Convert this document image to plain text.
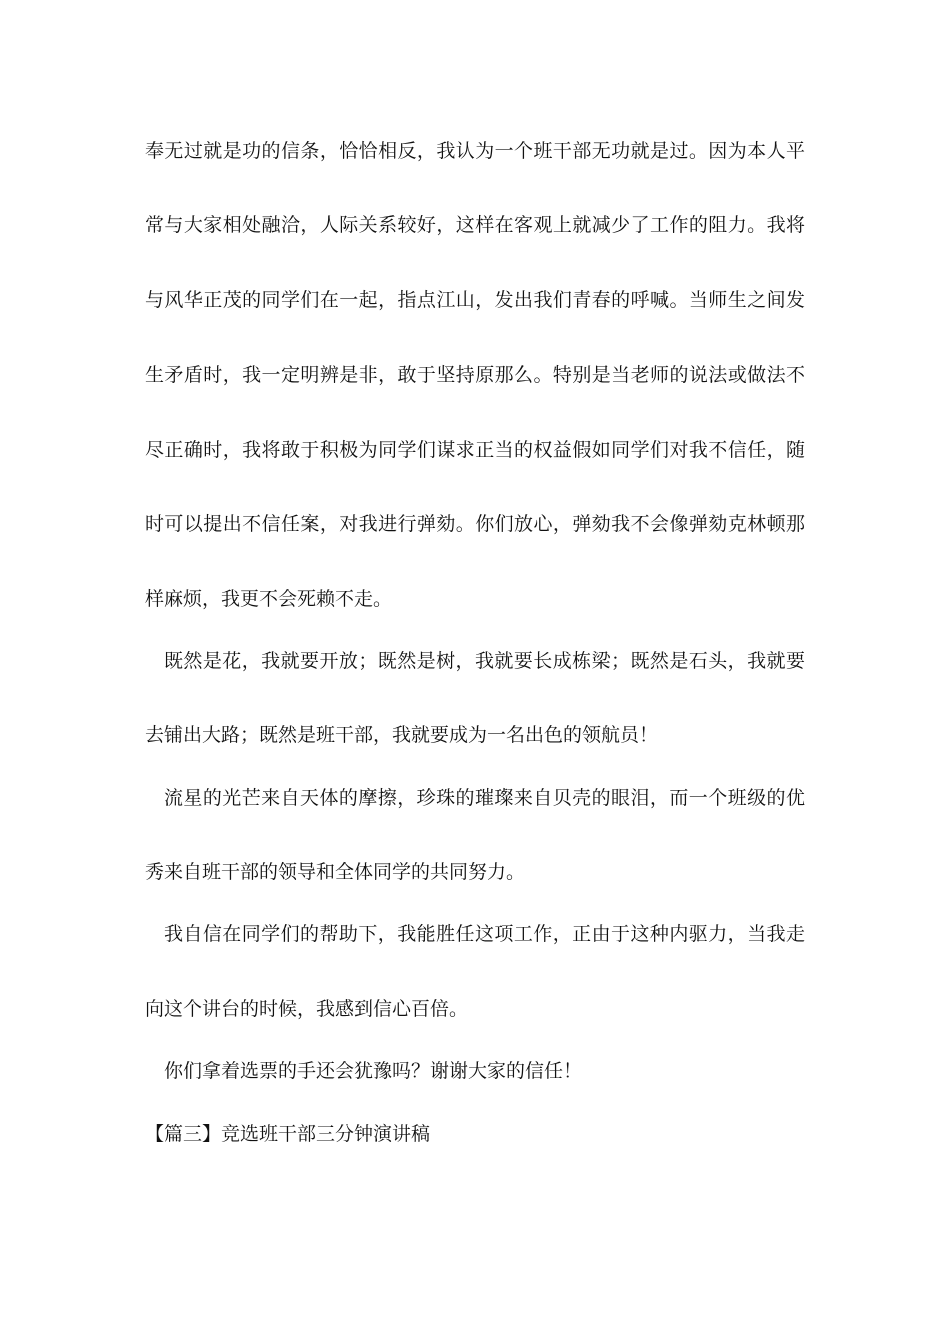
奉无过就是功的信条，恰恰相反，我认为一个班干部无功就是过。因为本人平
常与大家相处融洽，人际关系较好，这样在客观上就减少了工作的阻力。我将
与风华正茂的同学们在一起，指点江山，发出我们青春的呼喊。当师生之间发
生矛盾时，我一定明辨是非，敢于坚持原那么。特别是当老师的说法或做法不
尽正确时，我将敢于积极为同学们谋求正当的权益假如同学们对我不信任，随
时可以提出不信任案，对我进行弹劾。你们放心，弹劾我不会像弹劾克林顿那
样麻烦，我更不会死赖不走。
既然是花，我就要开放；既然是树，我就要长成栋梁；既然是石头，我就要
去铺出大路；既然是班干部，我就要成为一名出色的领航员！
流星的光芒来自天体的摩擦，珍珠的璀璨来自贝壳的眼泪，而一个班级的优
秀来自班干部的领导和全体同学的共同努力。
我自信在同学们的帮助下，我能胜任这项工作，正由于这种内驱力，当我走
向这个讲台的时候，我感到信心百倍。
你们拿着选票的手还会犹豫吗？谢谢大家的信任！
【篇三】竞选班干部三分钟演讲稿
